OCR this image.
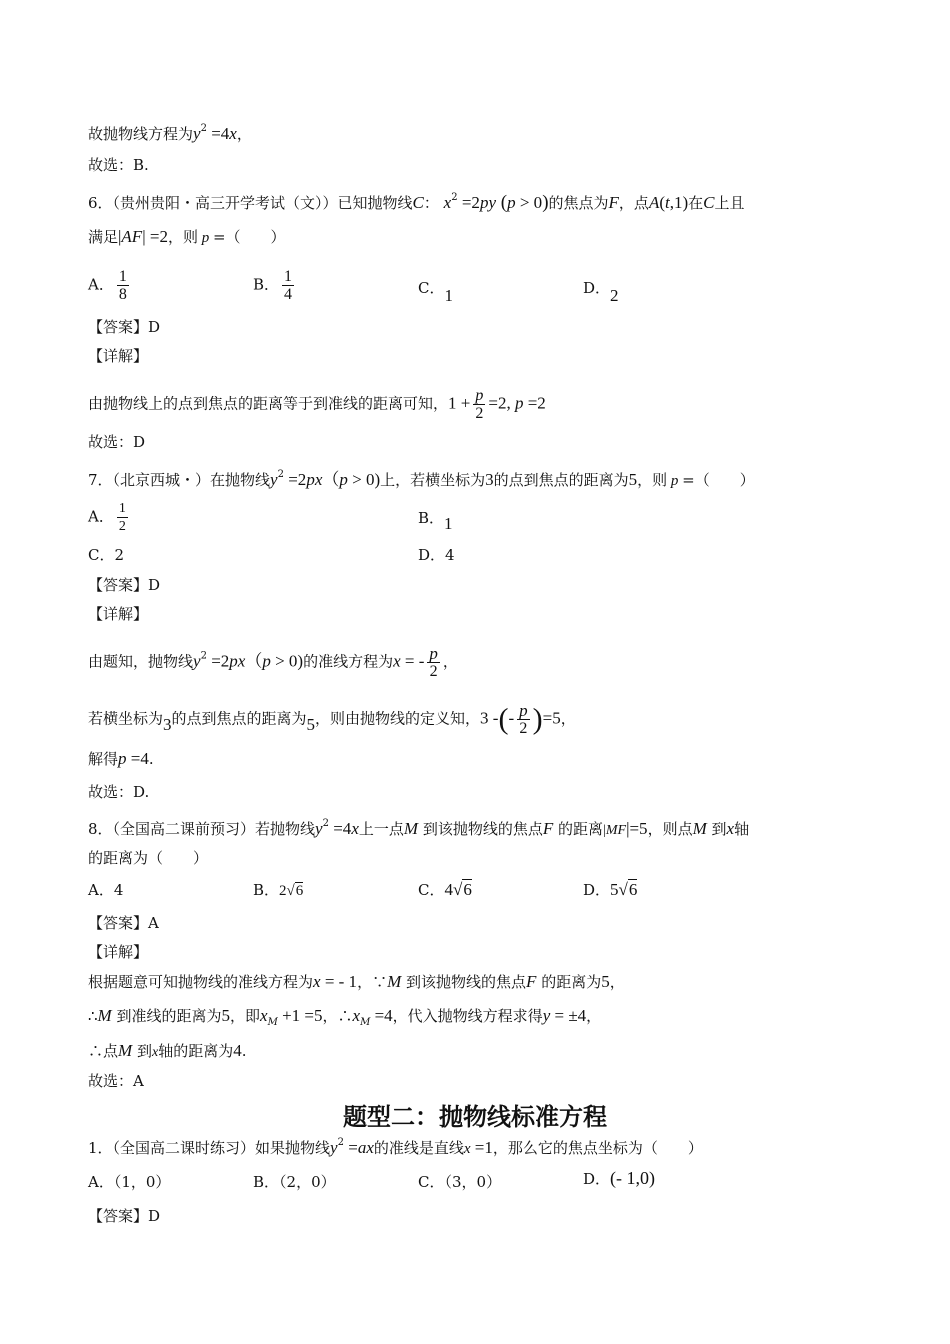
故抛物线方程为$y^2 =4x$，
故选：B.
6．（贵州贵阳・高三开学考试（文））已知抛物线C： $x^2 =2py$ (p > 0)的焦点为F，点A(t,1)在C上且
满足|AF| =2，则 p =（　　）
A． $\frac{1}{8}$	B． $\frac{1}{4}$	C．1	D．2
【答案】D
【详解】
由抛物线上的点到焦点的距离等于到准线的距离可知，$1 + \frac{p}{2} =2$, p =2
故选：D
7．（北京西城・）在抛物线$y^2 =2px(p > 0)$上，若横坐标为3的点到焦点的距离为5，则 p =（　　）
A． $\frac{1}{2}$	B．1
C．2	D．4
【答案】D
【详解】
由题知，抛物线$y^2 =2px(p > 0)$的准线方程为x = - $\frac{p}{2}$ ，
若横坐标为3的点到焦点的距离为5，则由抛物线的定义知，3 -(- $\frac{p}{2} )=5$，
解得p =4.
故选：D.
8．（全国高二课前预习）若抛物线$y^2 =4x$上一点M 到该抛物线的焦点F 的距离|MF|=5，则点M 到x轴
的距离为（　　）
A．4	B．2√6	C．4√6	D．5√6
【答案】A
【详解】
根据题意可知抛物线的准线方程为x = - 1，∵M 到该抛物线的焦点F 的距离为5，
∴M 到准线的距离为5，即$x_M +1 =5$，$\therefore x_M =4$，代入抛物线方程求得y = ±4，
∴点M 到x轴的距离为4.
故选：A
题型二：抛物线标准方程
1．（全国高二课时练习）如果抛物线$y^2 =ax$的准线是直线x =1，那么它的焦点坐标为（　　）
A．（1，0）	B．（2，0）	C．（3，0）	D．(- 1,0)
【答案】D
